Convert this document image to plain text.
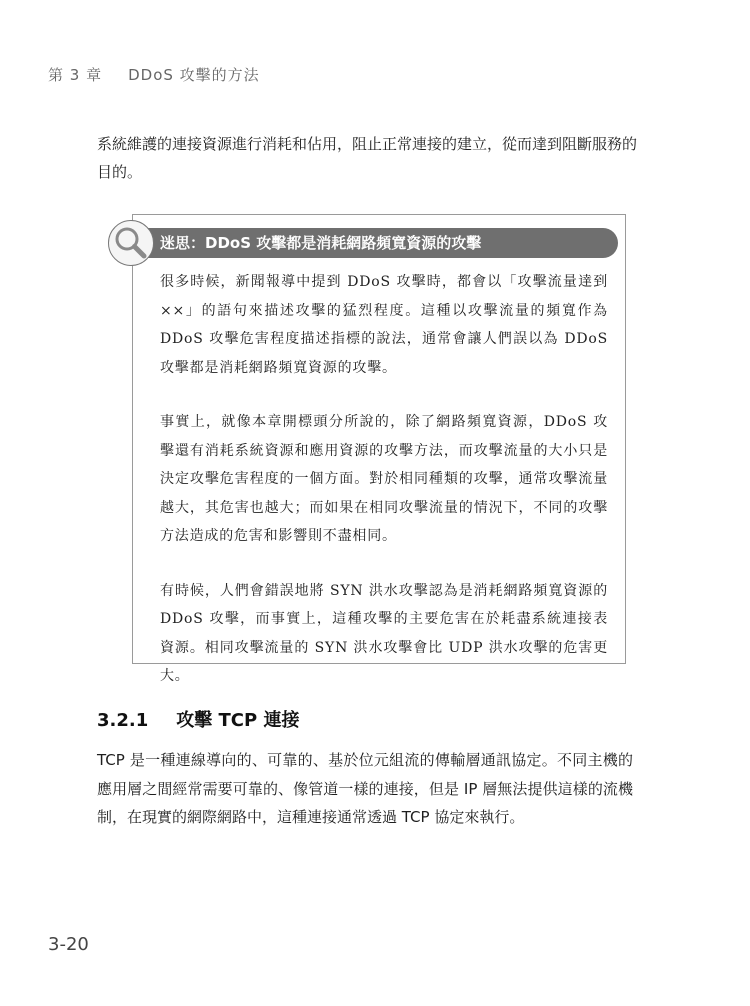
第 3 章 DDoS 攻擊的方法

系統維護的連接資源進行消耗和佔用，阻止正常連接的建立，從而達到阻斷服務的目的。

迷思：DDoS 攻擊都是消耗網路頻寬資源的攻擊

很多時候，新聞報導中提到 DDoS 攻擊時，都會以「攻擊流量達到××」的語句來描述攻擊的猛烈程度。這種以攻擊流量的頻寬作為 DDoS 攻擊危害程度描述指標的說法，通常會讓人們誤以為 DDoS 攻擊都是消耗網路頻寬資源的攻擊。

事實上，就像本章開標頭分所說的，除了網路頻寬資源，DDoS 攻擊還有消耗系統資源和應用資源的攻擊方法，而攻擊流量的大小只是決定攻擊危害程度的一個方面。對於相同種類的攻擊，通常攻擊流量越大，其危害也越大；而如果在相同攻擊流量的情況下，不同的攻擊方法造成的危害和影響則不盡相同。

有時候，人們會錯誤地將 SYN 洪水攻擊認為是消耗網路頻寬資源的 DDoS 攻擊，而事實上，這種攻擊的主要危害在於耗盡系統連接表資源。相同攻擊流量的 SYN 洪水攻擊會比 UDP 洪水攻擊的危害更大。

3.2.1 攻擊 TCP 連接

TCP 是一種連線導向的、可靠的、基於位元組流的傳輸層通訊協定。不同主機的應用層之間經常需要可靠的、像管道一樣的連接，但是 IP 層無法提供這樣的流機制，在現實的網際網路中，這種連接通常透過 TCP 協定來執行。

3-20
